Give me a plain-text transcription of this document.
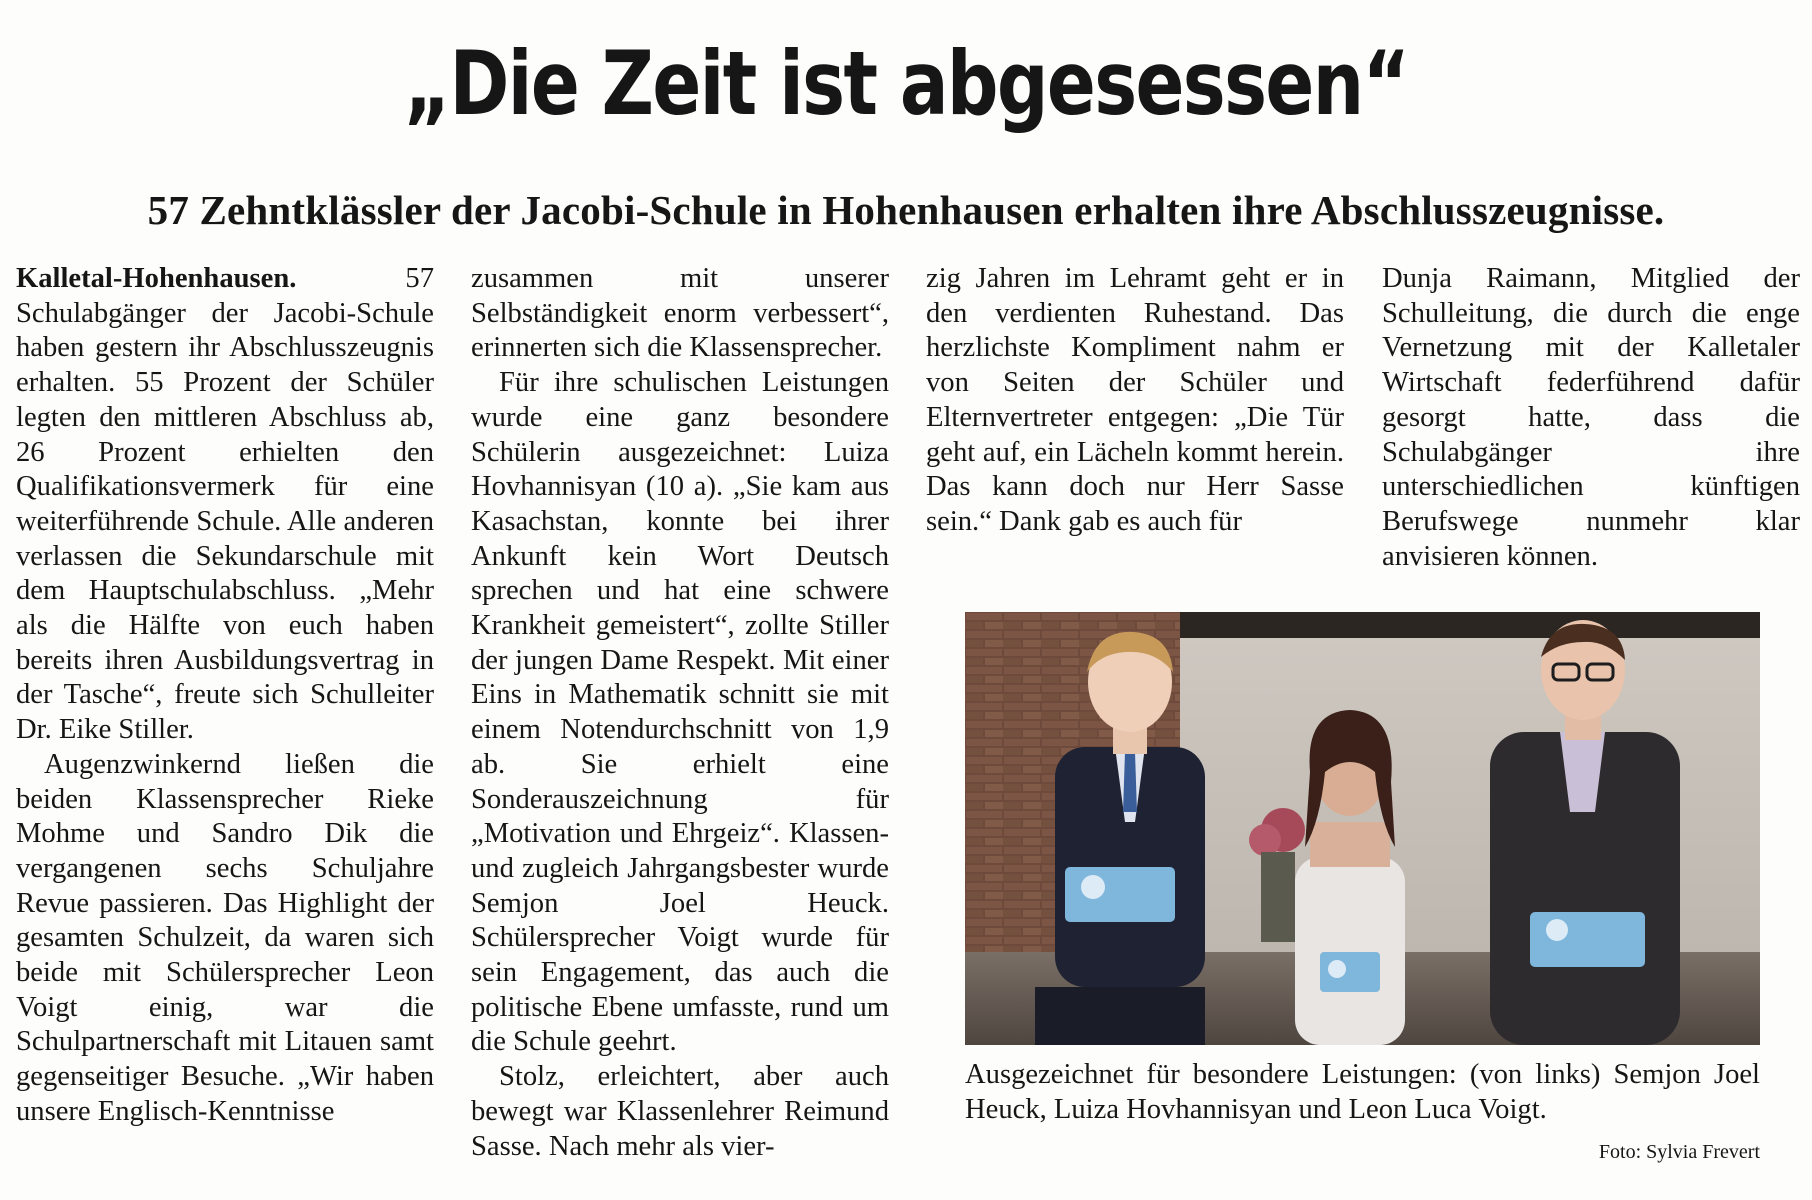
„Die Zeit ist abgesessen“
57 Zehntklässler der Jacobi-Schule in Hohenhausen erhalten ihre Abschlusszeugnisse.

Kalletal-Hohenhausen.	57 Schulabgänger der Jacobi-Schule haben gestern ihr Abschlusszeugnis erhalten. 55 Prozent der Schüler legten den mittleren Abschluss ab, 26 Prozent erhielten den Qualifikationsvermerk für eine weiterführende Schule. Alle anderen verlassen die Sekundarschule mit dem Hauptschulabschluss. „Mehr als die Hälfte von euch haben bereits ihren Ausbildungsvertrag in der Tasche“, freute sich Schulleiter Dr. Eike Stiller.

Augenzwinkernd ließen die beiden Klassensprecher Rieke Mohme und Sandro Dik die vergangenen sechs Schuljahre Revue passieren. Das Highlight der gesamten Schulzeit, da waren sich beide mit Schülersprecher Leon Voigt einig, war die Schulpartnerschaft mit Litauen samt gegenseitiger Besuche. „Wir haben unsere Englisch-Kenntnisse

zusammen mit unserer Selbständigkeit enorm verbessert“, erinnerten sich die Klassensprecher.

Für ihre schulischen Leistungen wurde eine ganz besondere Schülerin ausgezeichnet: Luiza Hovhannisyan (10 a). „Sie kam aus Kasachstan, konnte bei ihrer Ankunft kein Wort Deutsch sprechen und hat eine schwere Krankheit gemeistert“, zollte Stiller der jungen Dame Respekt. Mit einer Eins in Mathematik schnitt sie mit einem Notendurchschnitt von 1,9 ab. Sie erhielt eine Sonderauszeichnung für „Motivation und Ehrgeiz“. Klassen- und zugleich Jahrgangsbester wurde Semjon Joel Heuck. Schülersprecher Voigt wurde für sein Engagement, das auch die politische Ebene umfasste, rund um die Schule geehrt.

Stolz, erleichtert, aber auch bewegt war Klassenlehrer Reimund Sasse. Nach mehr als vier-

zig Jahren im Lehramt geht er in den verdienten Ruhestand. Das herzlichste Kompliment nahm er von Seiten der Schüler und Elternvertreter entgegen: „Die Tür geht auf, ein Lächeln kommt herein. Das kann doch nur Herr Sasse sein.“ Dank gab es auch für

Dunja Raimann, Mitglied der Schulleitung, die durch die enge Vernetzung mit der Kalletaler Wirtschaft federführend dafür gesorgt hatte, dass die Schulabgänger ihre unterschiedlichen künftigen Berufswege nunmehr klar anvisieren können.

Ausgezeichnet für besondere Leistungen: (von links) Semjon Joel Heuck, Luiza Hovhannisyan und Leon Luca Voigt.

Foto: Sylvia Frevert
